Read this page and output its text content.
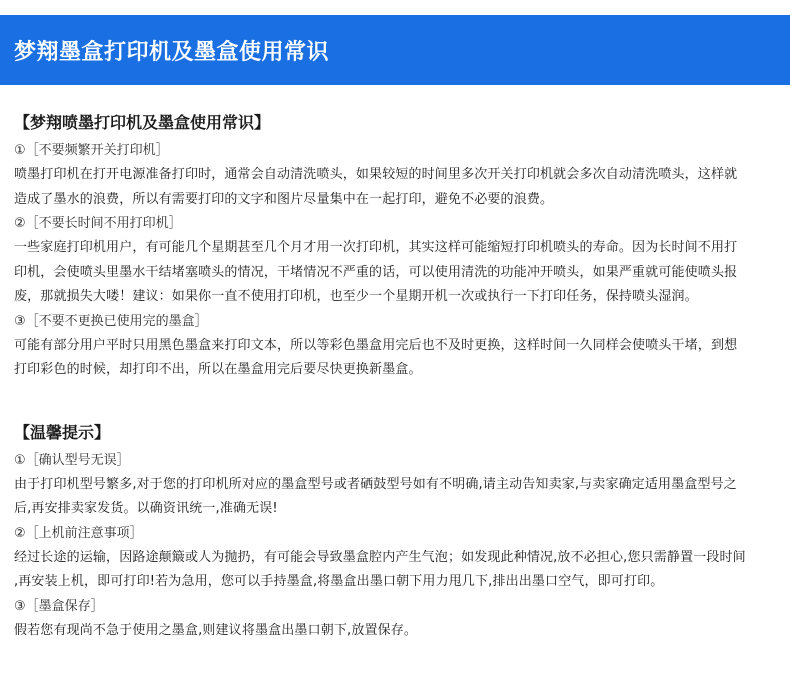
梦翔墨盒打印机及墨盒使用常识
【梦翔喷墨打印机及墨盒使用常识】
①［不要频繁开关打印机］
喷墨打印机在打开电源准备打印时，通常会自动清洗喷头，如果较短的时间里多次开关打印机就会多次自动清洗喷头，这样就
造成了墨水的浪费，所以有需要打印的文字和图片尽量集中在一起打印，避免不必要的浪费。
②［不要长时间不用打印机］
一些家庭打印机用户，有可能几个星期甚至几个月才用一次打印机，其实这样可能缩短打印机喷头的寿命。因为长时间不用打
印机，会使喷头里墨水干结堵塞喷头的情况，干堵情况不严重的话，可以使用清洗的功能冲开喷头，如果严重就可能使喷头报
废，那就损失大喽！建议：如果你一直不使用打印机，也至少一个星期开机一次或执行一下打印任务，保持喷头湿润。
③［不要不更换已使用完的墨盒］
可能有部分用户平时只用黑色墨盒来打印文本，所以等彩色墨盒用完后也不及时更换，这样时间一久同样会使喷头干堵，到想
打印彩色的时候，却打印不出，所以在墨盒用完后要尽快更换新墨盒。
【温馨提示】
①［确认型号无误］
由于打印机型号繁多,对于您的打印机所对应的墨盒型号或者硒鼓型号如有不明确,请主动告知卖家,与卖家确定适用墨盒型号之
后,再安排卖家发货。以确资讯统一,准确无误!
②［上机前注意事项］
经过长途的运输，因路途颠簸或人为抛扔，有可能会导致墨盒腔内产生气泡；如发现此种情况,放不必担心,您只需静置一段时间
,再安装上机，即可打印!若为急用，您可以手持墨盒,将墨盒出墨口朝下用力甩几下,排出出墨口空气，即可打印。
③［墨盒保存］
假若您有现尚不急于使用之墨盒,则建议将墨盒出墨口朝下,放置保存。
